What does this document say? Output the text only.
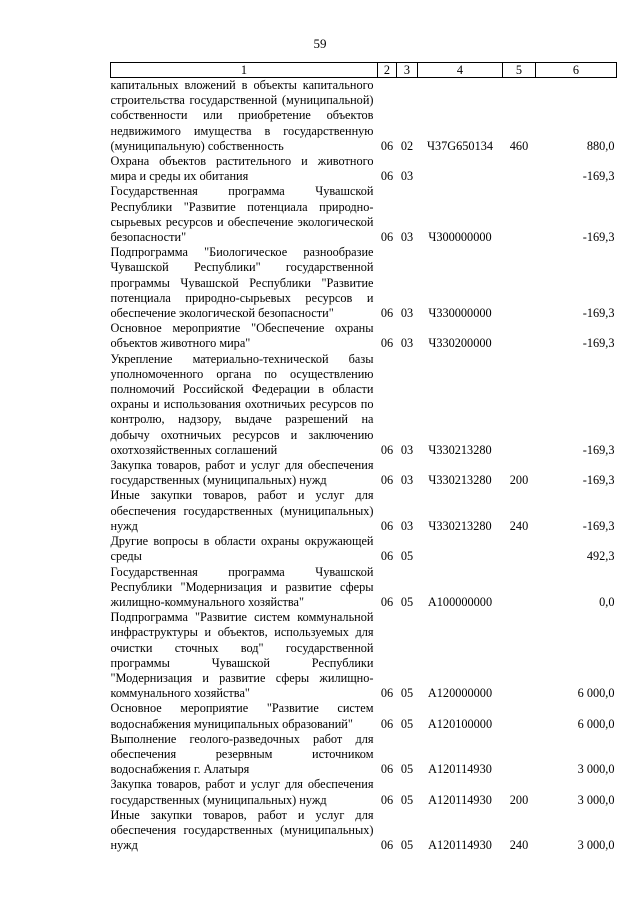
59
1	2	3	4	5	6
капитальных вложений в объекты капитального строительства государственной (муниципальной) собственности или приобретение объектов недвижимого имущества в государственную (муниципальную) собственность	06	02	Ч37G650134	460	880,0
Охрана объектов растительного и животного мира и среды их обитания	06	03			-169,3
Государственная программа Чувашской Республики "Развитие потенциала природно-сырьевых ресурсов и обеспечение экологической безопасности"	06	03	Ч300000000		-169,3
Подпрограмма "Биологическое разнообразие Чувашской Республики" государственной программы Чувашской Республики "Развитие потенциала природно-сырьевых ресурсов и обеспечение экологической безопасности"	06	03	Ч330000000		-169,3
Основное мероприятие "Обеспечение охраны объектов животного мира"	06	03	Ч330200000		-169,3
Укрепление материально-технической базы уполномоченного органа по осуществлению полномочий Российской Федерации в области охраны и использования охотничьих ресурсов по контролю, надзору, выдаче разрешений на добычу охотничьих ресурсов и заключению охотхозяйственных соглашений	06	03	Ч330213280		-169,3
Закупка товаров, работ и услуг для обеспечения государственных (муниципальных) нужд	06	03	Ч330213280	200	-169,3
Иные закупки товаров, работ и услуг для обеспечения государственных (муниципальных) нужд	06	03	Ч330213280	240	-169,3
Другие вопросы в области охраны окружающей среды	06	05			492,3
Государственная программа Чувашской Республики "Модернизация и развитие сферы жилищно-коммунального хозяйства"	06	05	А100000000		0,0
Подпрограмма "Развитие систем коммунальной инфраструктуры и объектов, используемых для очистки сточных вод" государственной программы Чувашской Республики "Модернизация и развитие сферы жилищно-коммунального хозяйства"	06	05	А120000000		6 000,0
Основное мероприятие "Развитие систем водоснабжения муниципальных образований"	06	05	А120100000		6 000,0
Выполнение геолого-разведочных работ для обеспечения резервным источником водоснабжения г. Алатыря	06	05	А120114930		3 000,0
Закупка товаров, работ и услуг для обеспечения государственных (муниципальных) нужд	06	05	А120114930	200	3 000,0
Иные закупки товаров, работ и услуг для обеспечения государственных (муниципальных) нужд	06	05	А120114930	240	3 000,0
